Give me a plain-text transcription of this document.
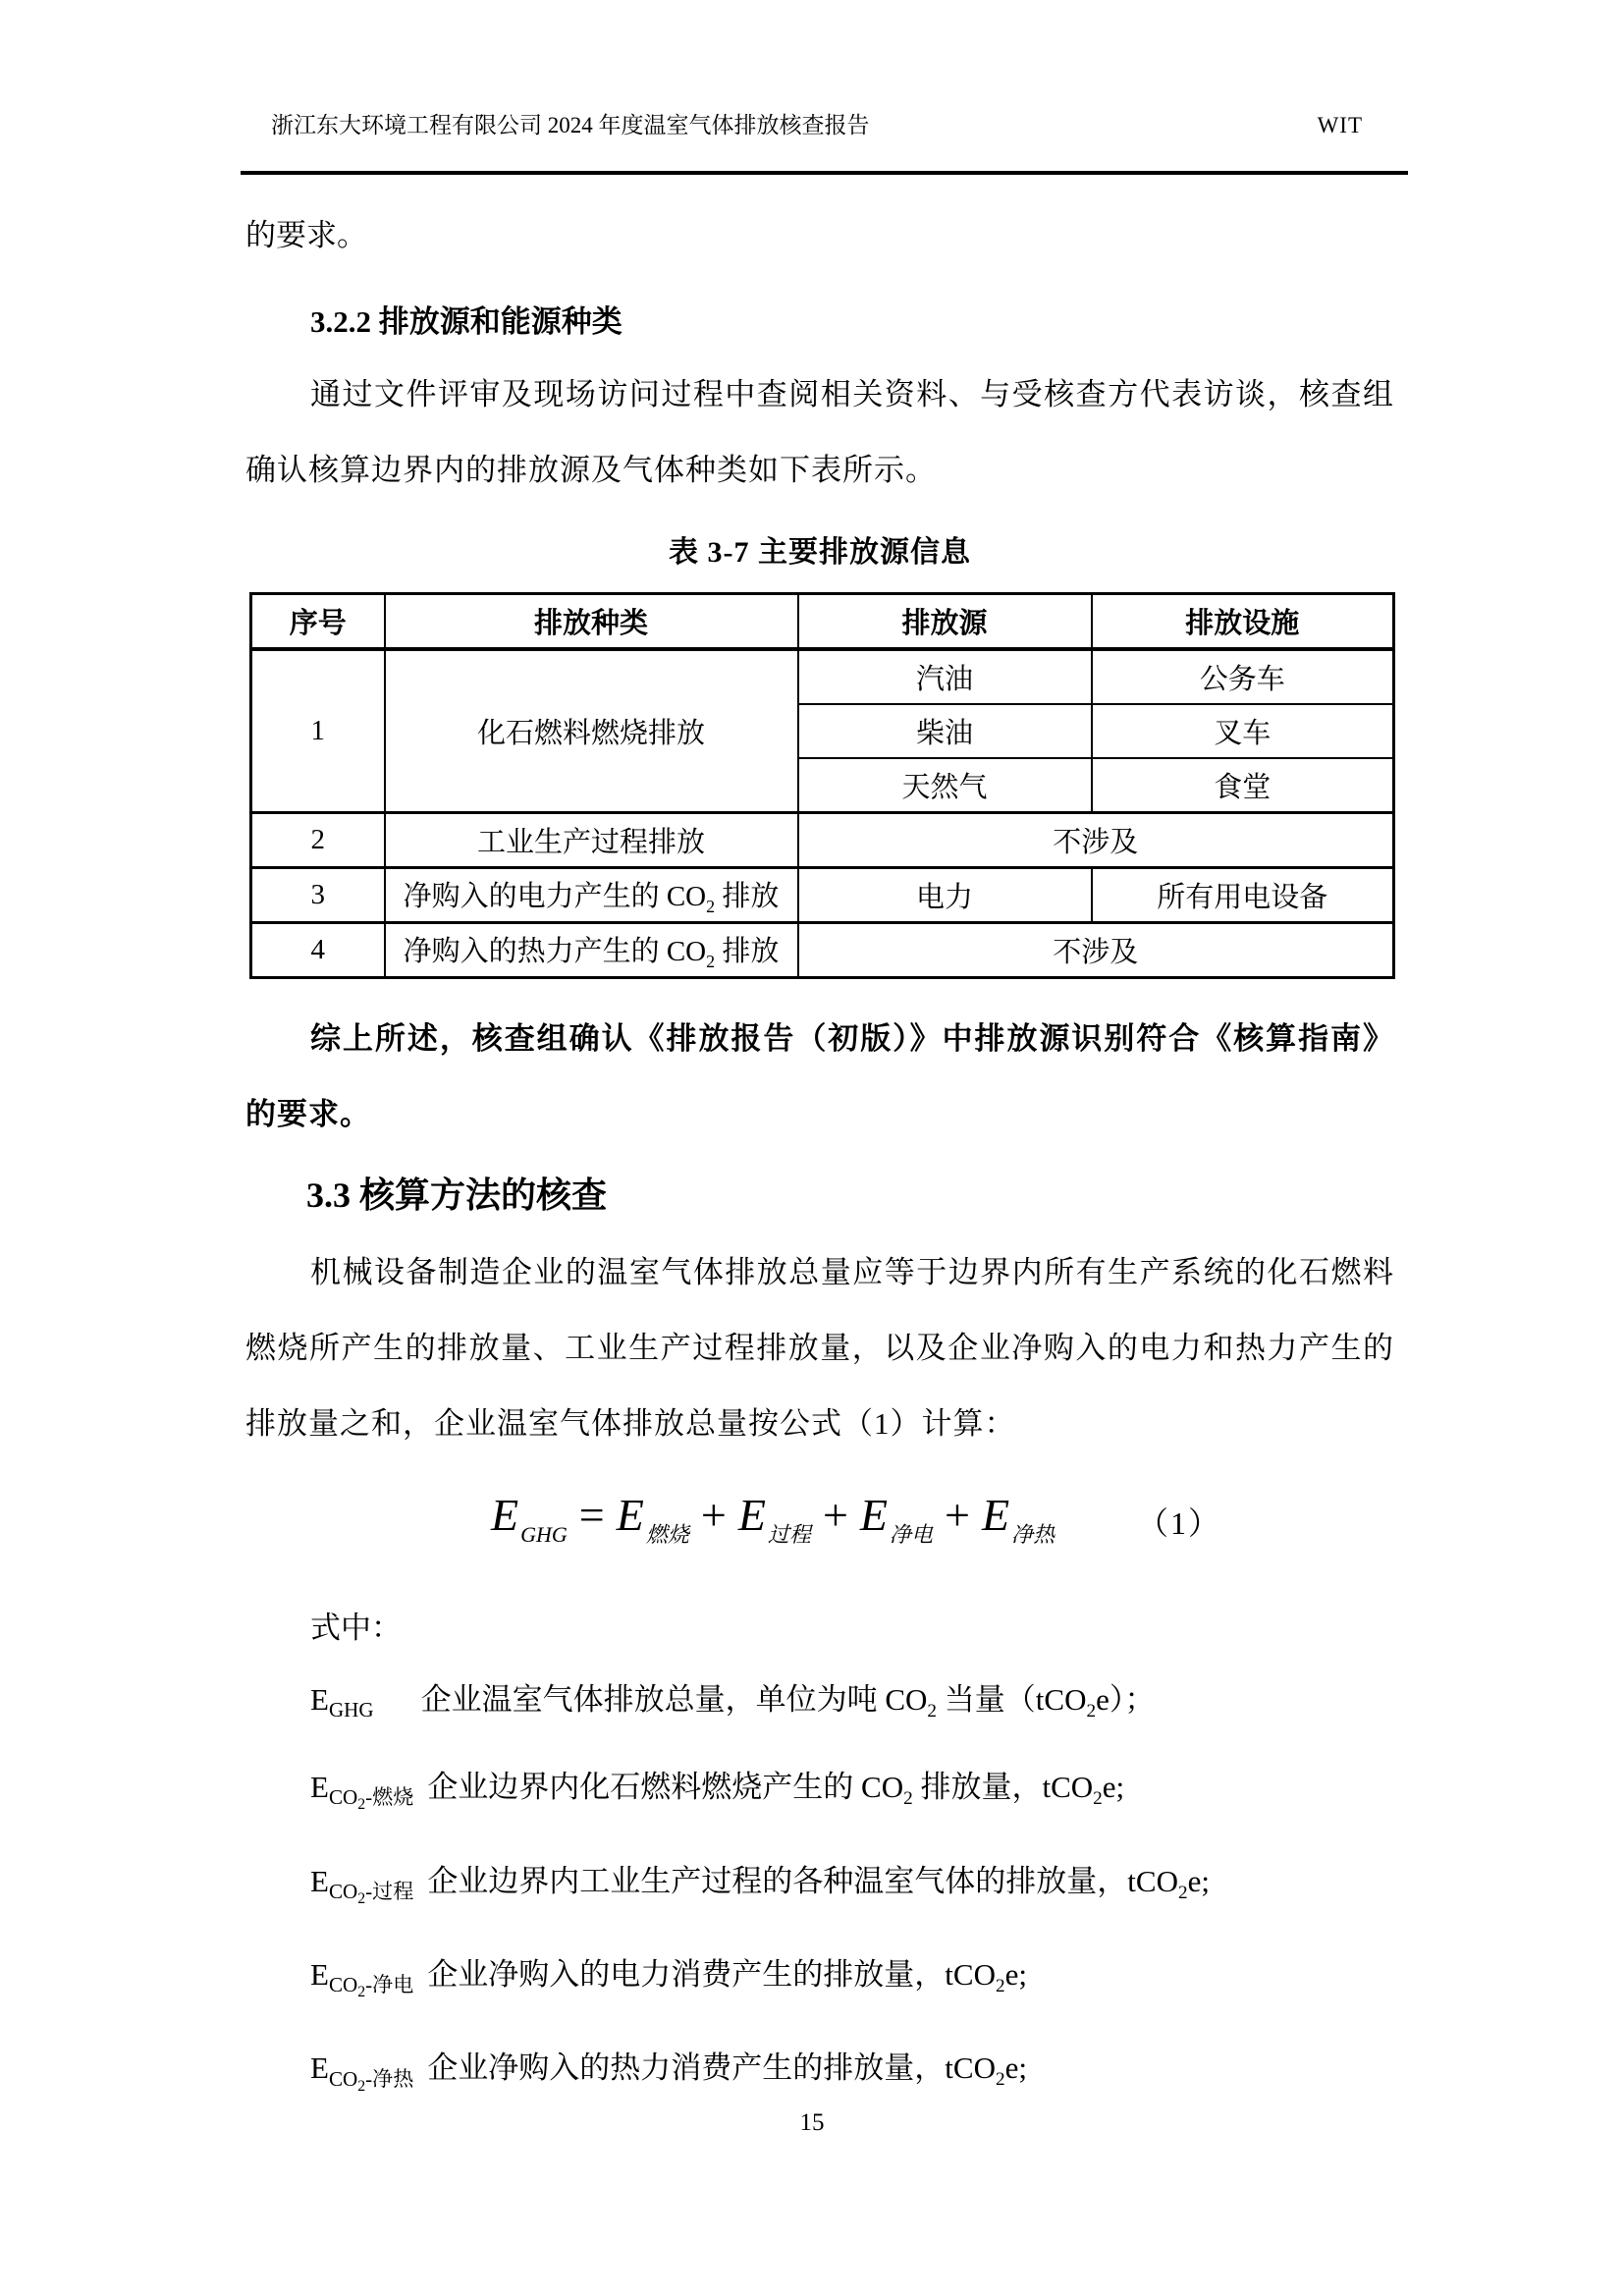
浙江东大环境工程有限公司 2024 年度温室气体排放核查报告	WIT
的要求。
3.2.2 排放源和能源种类
通过文件评审及现场访问过程中查阅相关资料、与受核查方代表访谈，核查组确认核算边界内的排放源及气体种类如下表所示。
表 3-7 主要排放源信息
序号	排放种类	排放源	排放设施
1	化石燃料燃烧排放	汽油	公务车
		柴油	叉车
		天然气	食堂
2	工业生产过程排放	不涉及	
3	净购入的电力产生的 $CO_2$ 排放	电力	所有用电设备
4	净购入的热力产生的 $CO_2$ 排放	不涉及	
综上所述，核查组确认《排放报告（初版）》中排放源识别符合《核算指南》的要求。
3.3 核算方法的核查
机械设备制造企业的温室气体排放总量应等于边界内所有生产系统的化石燃料燃烧所产生的排放量、工业生产过程排放量，以及企业净购入的电力和热力产生的排放量之和，企业温室气体排放总量按公式（1）计算：
$E_{GHG} = E_{燃烧} + E_{过程} + E_{净电} + E_{净热}$	（1）
式中：
$E_{GHG}$ 企业温室气体排放总量，单位为吨 $CO_2$ 当量（tCO$_2$e）；
$E_{CO_2-燃烧}$ 企业边界内化石燃料燃烧产生的 $CO_2$ 排放量，tCO$_2$e;
$E_{CO_2-过程}$ 企业边界内工业生产过程的各种温室气体的排放量，tCO$_2$e;
$E_{CO_2-净电}$ 企业净购入的电力消费产生的排放量，tCO$_2$e;
$E_{CO_2-净热}$ 企业净购入的热力消费产生的排放量，tCO$_2$e;
15
